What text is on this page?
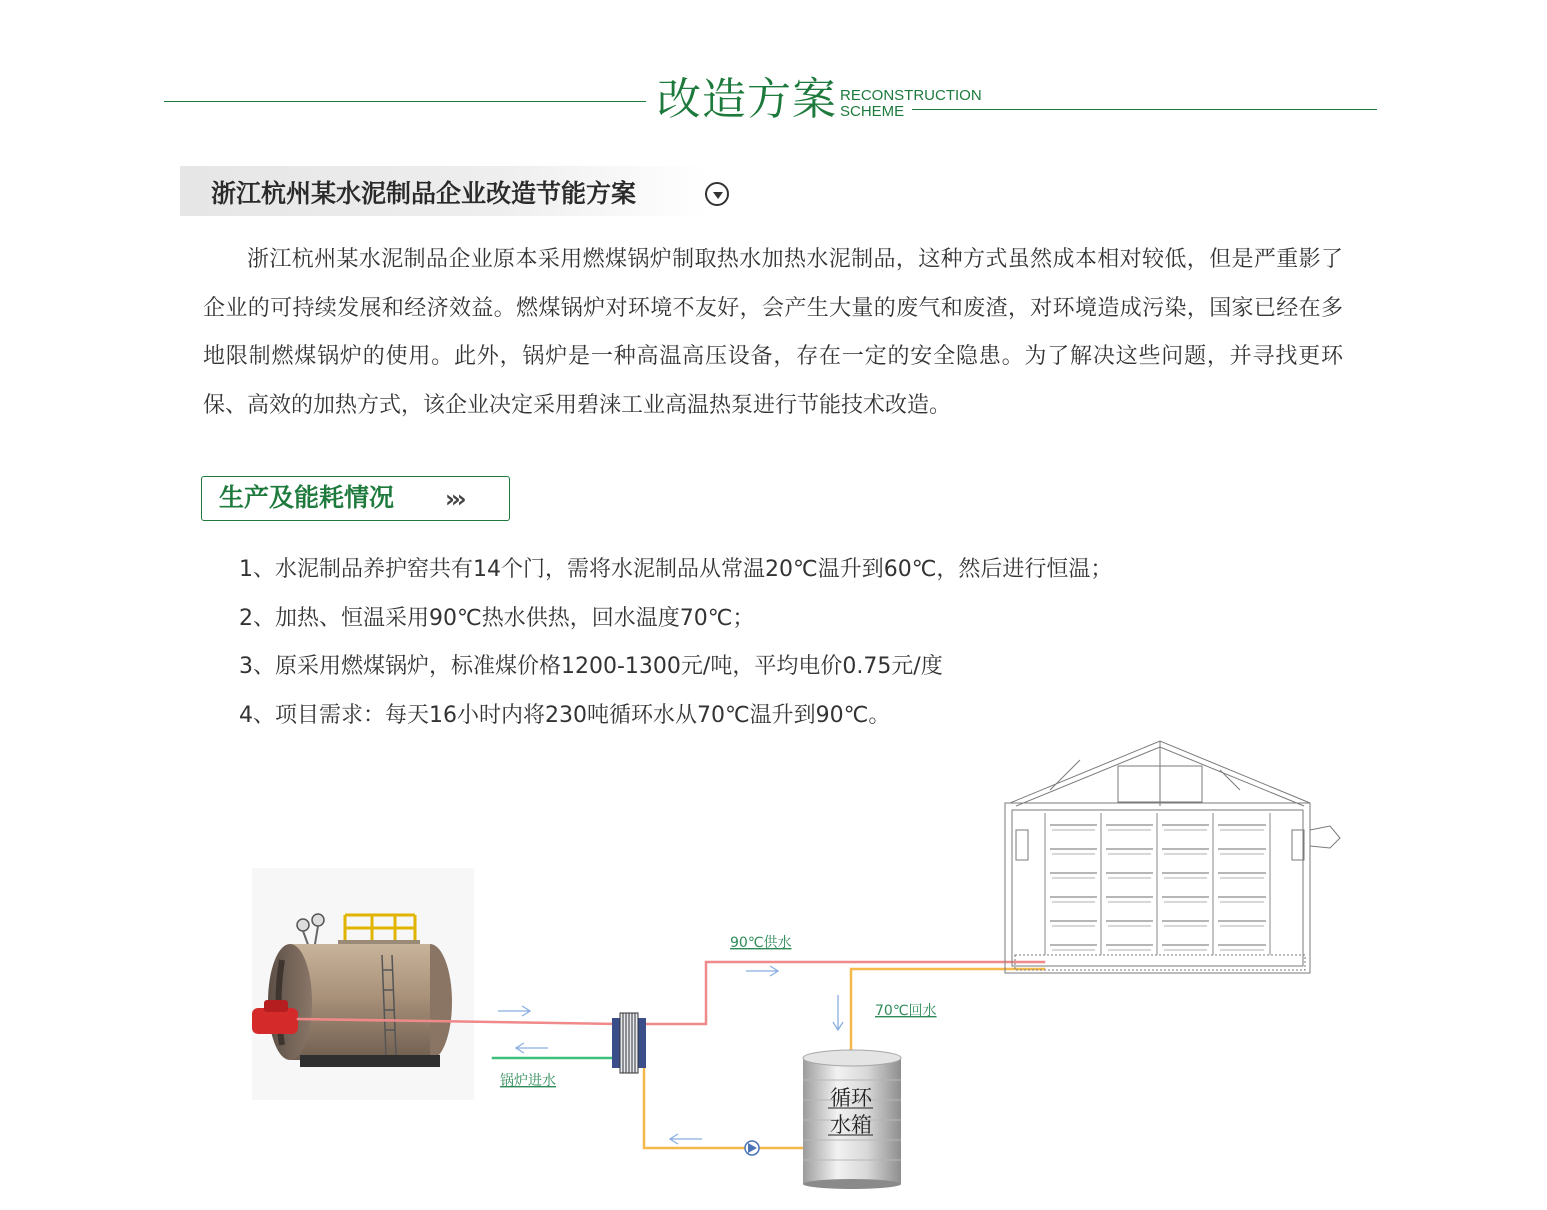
改造方案 RECONSTRUCTION
SCHEME
浙江杭州某水泥制品企业改造节能方案
浙江杭州某水泥制品企业原本采用燃煤锅炉制取热水加热水泥制品，这种方式虽然成本相对较低，但是严重影了企业的可持续发展和经济效益。燃煤锅炉对环境不友好，会产生大量的废气和废渣，对环境造成污染，国家已经在多地限制燃煤锅炉的使用。此外，锅炉是一种高温高压设备，存在一定的安全隐患。为了解决这些问题，并寻找更环保、高效的加热方式，该企业决定采用碧涞工业高温热泵进行节能技术改造。
生产及能耗情况 ›››
1、水泥制品养护窑共有14个门，需将水泥制品从常温20℃温升到60℃，然后进行恒温；
2、加热、恒温采用90℃热水供热，回水温度70℃；
3、原采用燃煤锅炉，标准煤价格1200-1300元/吨，平均电价0.75元/度
4、项目需求：每天16小时内将230吨循环水从70℃温升到90℃。
循环
水箱
90℃供水
70℃回水
锅炉进水
